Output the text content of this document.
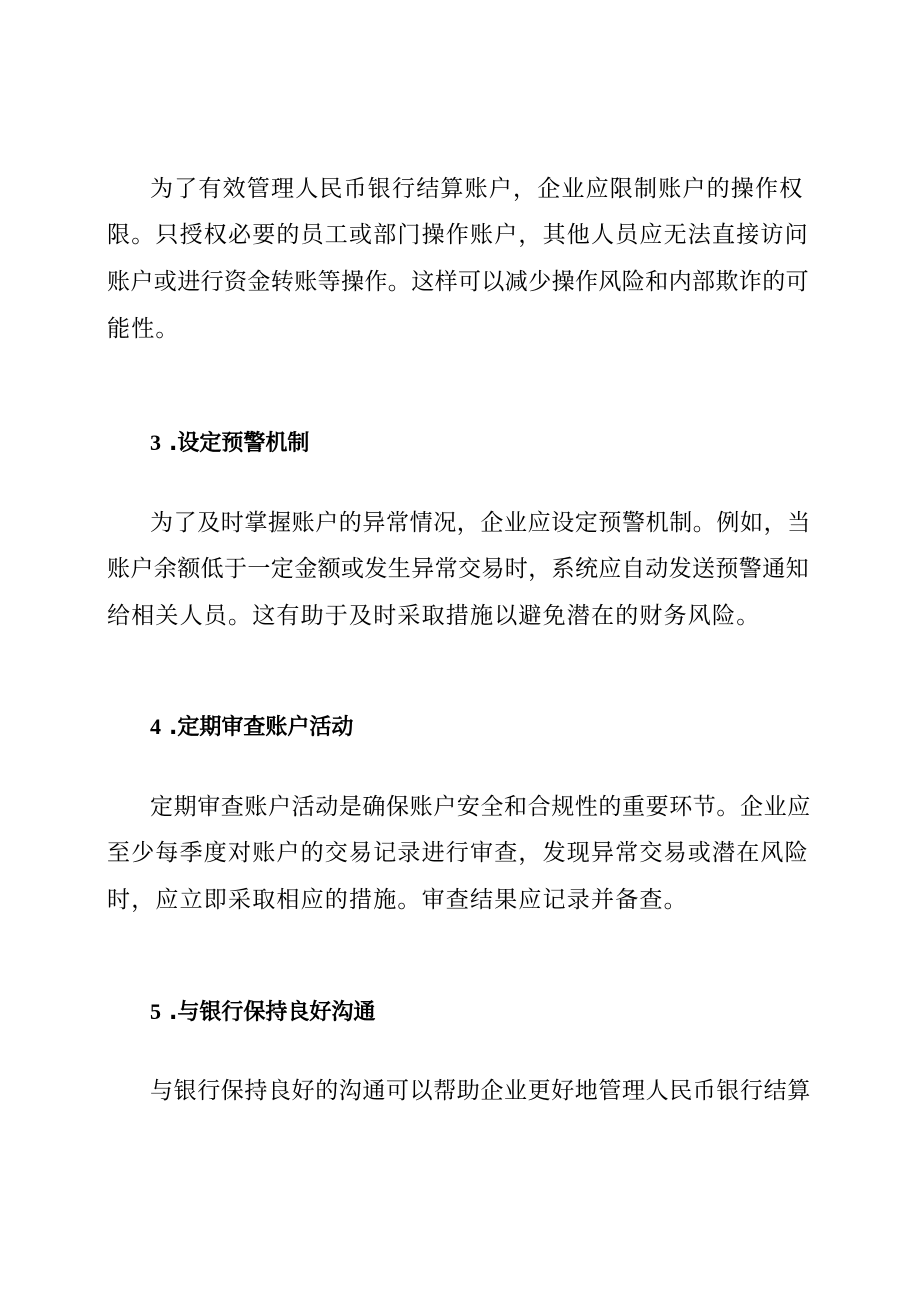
为了有效管理人民币银行结算账户，企业应限制账户的操作权
限。只授权必要的员工或部门操作账户，其他人员应无法直接访问
账户或进行资金转账等操作。这样可以减少操作风险和内部欺诈的可
能性。
3 .设定预警机制
为了及时掌握账户的异常情况，企业应设定预警机制。例如，当
账户余额低于一定金额或发生异常交易时，系统应自动发送预警通知
给相关人员。这有助于及时采取措施以避免潜在的财务风险。
4 .定期审查账户活动
定期审查账户活动是确保账户安全和合规性的重要环节。企业应
至少每季度对账户的交易记录进行审查，发现异常交易或潜在风险
时，应立即采取相应的措施。审查结果应记录并备查。
5 .与银行保持良好沟通
与银行保持良好的沟通可以帮助企业更好地管理人民币银行结算
